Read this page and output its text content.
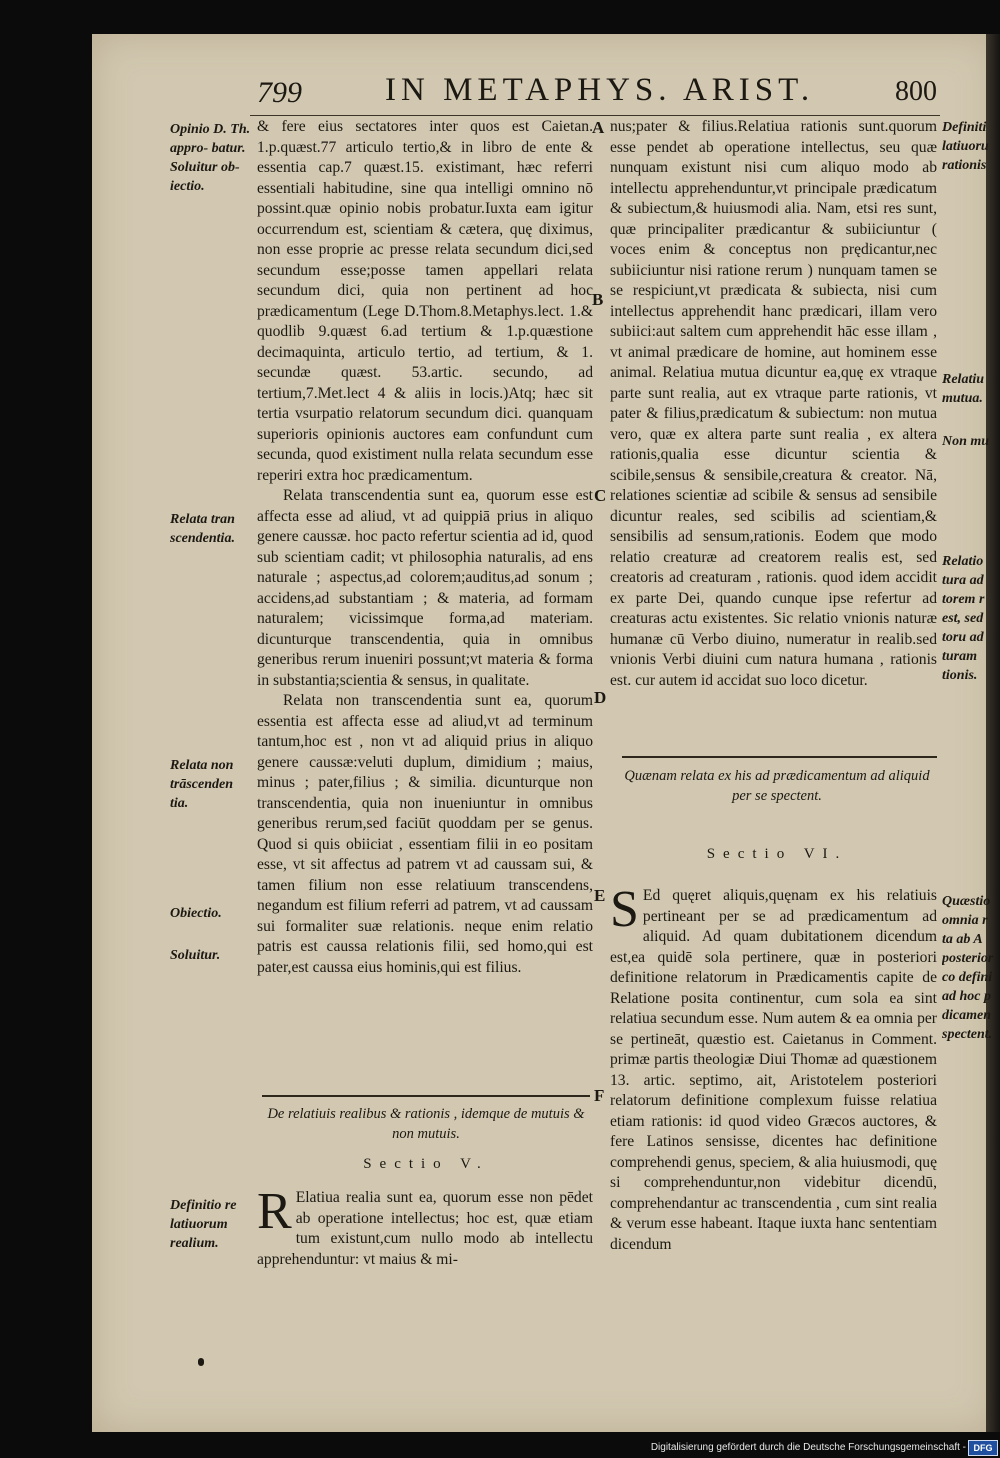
799	IN METAPHYS. ARIST.	800
Opinio D. Th. appro- batur. Soluitur ob- iectio.
Relata tran scendentia.
Relata non trāscenden tia.
Obiectio.
Soluitur.
Definitio re latiuorum realium.
Definiti latiuoru rationis
Relatiu mutua.
Non mu
Relatio tura ad torem r est, sed toru ad turam tionis.
Quæstio omnia r ta ab A posterior co defini ad hoc p dicamen spectent.
A
B
C
D
E
F

& fere eius sectatores inter quos est Caietan. 1.p.quæst.77 articulo tertio,& in libro de ente & essentia cap.7 quæst.15. existimant, hæc referri essentiali habitudine, sine qua intelligi omnino nō possint.quæ opinio nobis probatur.Iuxta eam igitur occurrendum est, scientiam & cætera, quę diximus, non esse proprie ac presse relata secundum dici,sed secundum esse;posse tamen appellari relata secundum dici, quia non pertinent ad hoc prædicamentum (Lege D.Thom.8.Metaphys.lect. 1.& quodlib 9.quæst 6.ad tertium & 1.p.quæstione decimaquinta, articulo tertio, ad tertium, & 1. secundæ quæst. 53.artic. secundo, ad tertium,7.Met.lect 4 & aliis in locis.)Atq; hæc sit tertia vsurpatio relatorum secundum dici. quanquam superioris opinionis auctores eam confundunt cum secunda, quod existiment nulla relata secundum esse reperiri extra hoc prædicamentum.

Relata transcendentia sunt ea, quorum esse est affecta esse ad aliud, vt ad quippiā prius in aliquo genere caussæ. hoc pacto refertur scientia ad id, quod sub scientiam cadit; vt philosophia naturalis, ad ens naturale ; aspectus,ad colorem;auditus,ad sonum ; accidens,ad substantiam ; & materia, ad formam naturalem; vicissimque forma,ad materiam. dicunturque transcendentia, quia in omnibus generibus rerum inueniri possunt;vt materia & forma in substantia;scientia & sensus, in qualitate.

Relata non transcendentia sunt ea, quorum essentia est affecta esse ad aliud,vt ad terminum tantum,hoc est , non vt ad aliquid prius in aliquo genere caussæ:veluti duplum, dimidium ; maius, minus ; pater,filius ; & similia. dicunturque non transcendentia, quia non inueniuntur in omnibus generibus rerum,sed faciūt quoddam per se genus. Quod si quis obiiciat , essentiam filii in eo positam esse, vt sit affectus ad patrem vt ad caussam sui, & tamen filium non esse relatiuum transcendens, negandum est filium referri ad patrem, vt ad caussam sui formaliter suæ relationis. neque enim relatio patris est caussa relationis filii, sed homo,qui est pater,est caussa eius hominis,qui est filius.

De relatiuis realibus & rationis , idemque de mutuis & non mutuis.
Sectio V.
R Elatiua realia sunt ea, quorum esse non pēdet ab operatione intellectus; hoc est, quæ etiam tum existunt,cum nullo modo ab intellectu apprehenduntur: vt maius & mi-

nus;pater & filius.Relatiua rationis sunt.quorum esse pendet ab operatione intellectus, seu quæ nunquam existunt nisi cum aliquo modo ab intellectu apprehenduntur,vt principale prædicatum & subiectum,& huiusmodi alia. Nam, etsi res sunt, quæ principaliter prædicantur & subiiciuntur ( voces enim & conceptus non prędicantur,nec subiiciuntur nisi ratione rerum ) nunquam tamen se se respiciunt,vt prædicata & subiecta, nisi cum intellectus apprehendit hanc prædicari, illam vero subiici:aut saltem cum apprehendit hāc esse illam , vt animal prædicare de homine, aut hominem esse animal. Relatiua mutua dicuntur ea,quę ex vtraque parte sunt realia, aut ex vtraque parte rationis, vt pater & filius,prædicatum & subiectum: non mutua vero, quæ ex altera parte sunt realia , ex altera rationis,qualia esse dicuntur scientia & scibile,sensus & sensibile,creatura & creator. Nā, relationes scientiæ ad scibile & sensus ad sensibile dicuntur reales, sed scibilis ad scientiam,& sensibilis ad sensum,rationis. Eodem que modo relatio creaturæ ad creatorem realis est, sed creatoris ad creaturam , rationis. quod idem accidit ex parte Dei, quando cunque ipse refertur ad creaturas actu existentes. Sic relatio vnionis naturæ humanæ cū Verbo diuino, numeratur in realib.sed vnionis Verbi diuini cum natura humana , rationis est. cur autem id accidat suo loco dicetur.

Quænam relata ex his ad prædicamentum ad aliquid per se spectent.
Sectio VI.
S Ed quęret aliquis,quęnam ex his relatiuis pertineant per se ad prædicamentum ad aliquid. Ad quam dubitationem dicendum est,ea quidē sola pertinere, quæ in posteriori definitione relatorum in Prædicamentis capite de Relatione posita continentur, cum sola ea sint relatiua secundum esse. Num autem & ea omnia per se pertineāt, quæstio est. Caietanus in Comment. primæ partis theologiæ Diui Thomæ ad quæstionem 13. artic. septimo, ait, Aristotelem posteriori relatorum definitione complexum fuisse relatiua etiam rationis: id quod video Græcos auctores, & fere Latinos sensisse, dicentes hac definitione comprehendi genus, speciem, & alia huiusmodi, quę si comprehenduntur,non videbitur dicendū, comprehendantur ac transcendentia , cum sint realia & verum esse habeant. Itaque iuxta hanc sententiam dicendum
Digitalisierung gefördert durch die Deutsche Forschungsgemeinschaft - DFG
